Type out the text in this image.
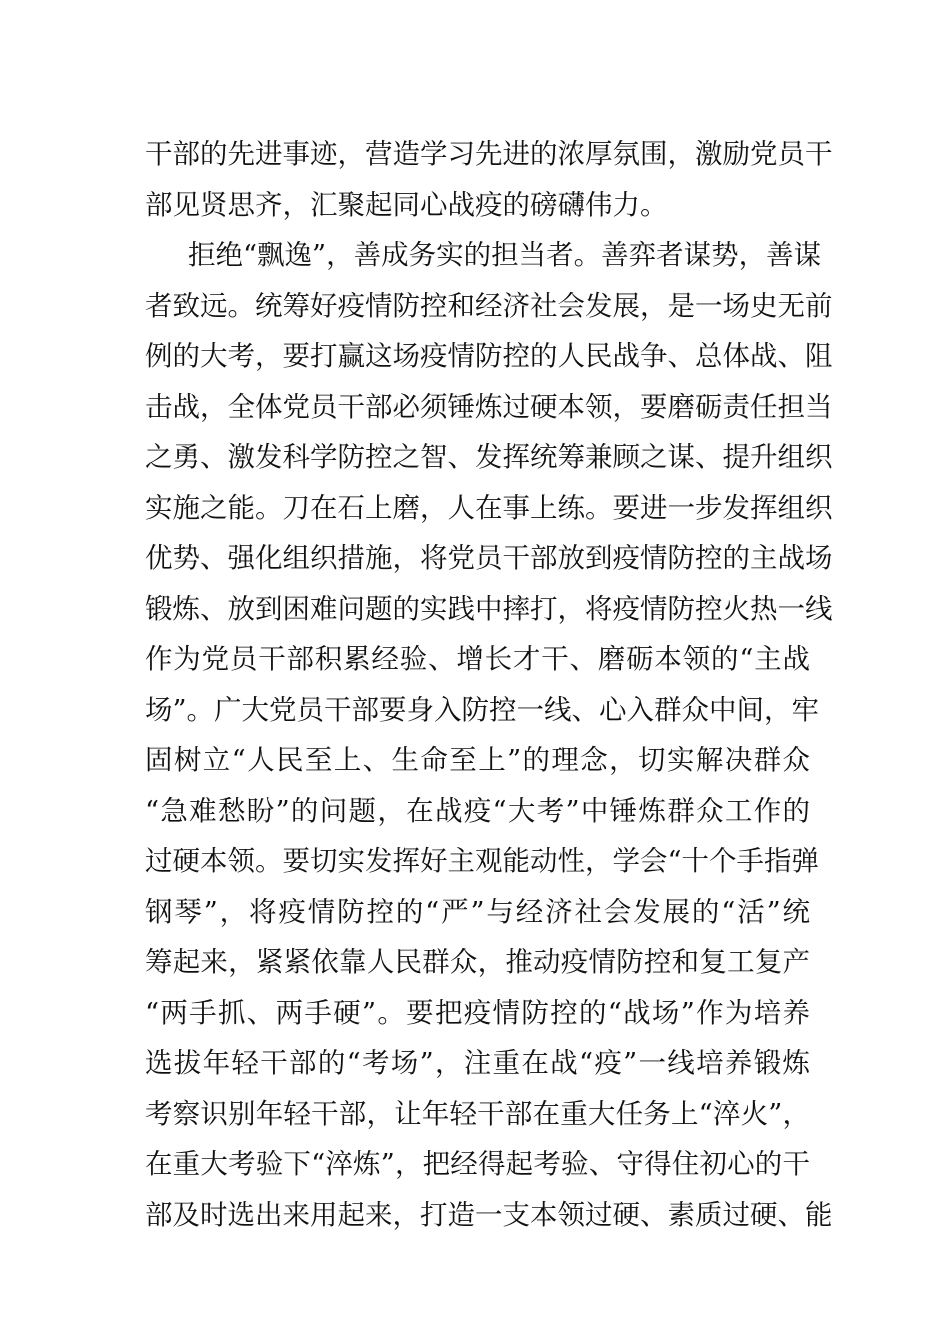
干部的先进事迹，营造学习先进的浓厚氛围，激励党员干
部见贤思齐，汇聚起同心战疫的磅礴伟力。
拒绝“飘逸”，善成务实的担当者。善弈者谋势，善谋
者致远。统筹好疫情防控和经济社会发展，是一场史无前
例的大考，要打赢这场疫情防控的人民战争、总体战、阻
击战，全体党员干部必须锤炼过硬本领，要磨砺责任担当
之勇、激发科学防控之智、发挥统筹兼顾之谋、提升组织
实施之能。刀在石上磨，人在事上练。要进一步发挥组织
优势、强化组织措施，将党员干部放到疫情防控的主战场
锻炼、放到困难问题的实践中摔打，将疫情防控火热一线
作为党员干部积累经验、增长才干、磨砺本领的“主战
场”。广大党员干部要身入防控一线、心入群众中间，牢
固树立“人民至上、生命至上”的理念，切实解决群众
“急难愁盼”的问题，在战疫“大考”中锤炼群众工作的
过硬本领。要切实发挥好主观能动性，学会“十个手指弹
钢琴”，将疫情防控的“严”与经济社会发展的“活”统
筹起来，紧紧依靠人民群众，推动疫情防控和复工复产
“两手抓、两手硬”。要把疫情防控的“战场”作为培养
选拔年轻干部的“考场”，注重在战“疫”一线培养锻炼
考察识别年轻干部，让年轻干部在重大任务上“淬火”，
在重大考验下“淬炼”，把经得起考验、守得住初心的干
部及时选出来用起来，打造一支本领过硬、素质过硬、能
